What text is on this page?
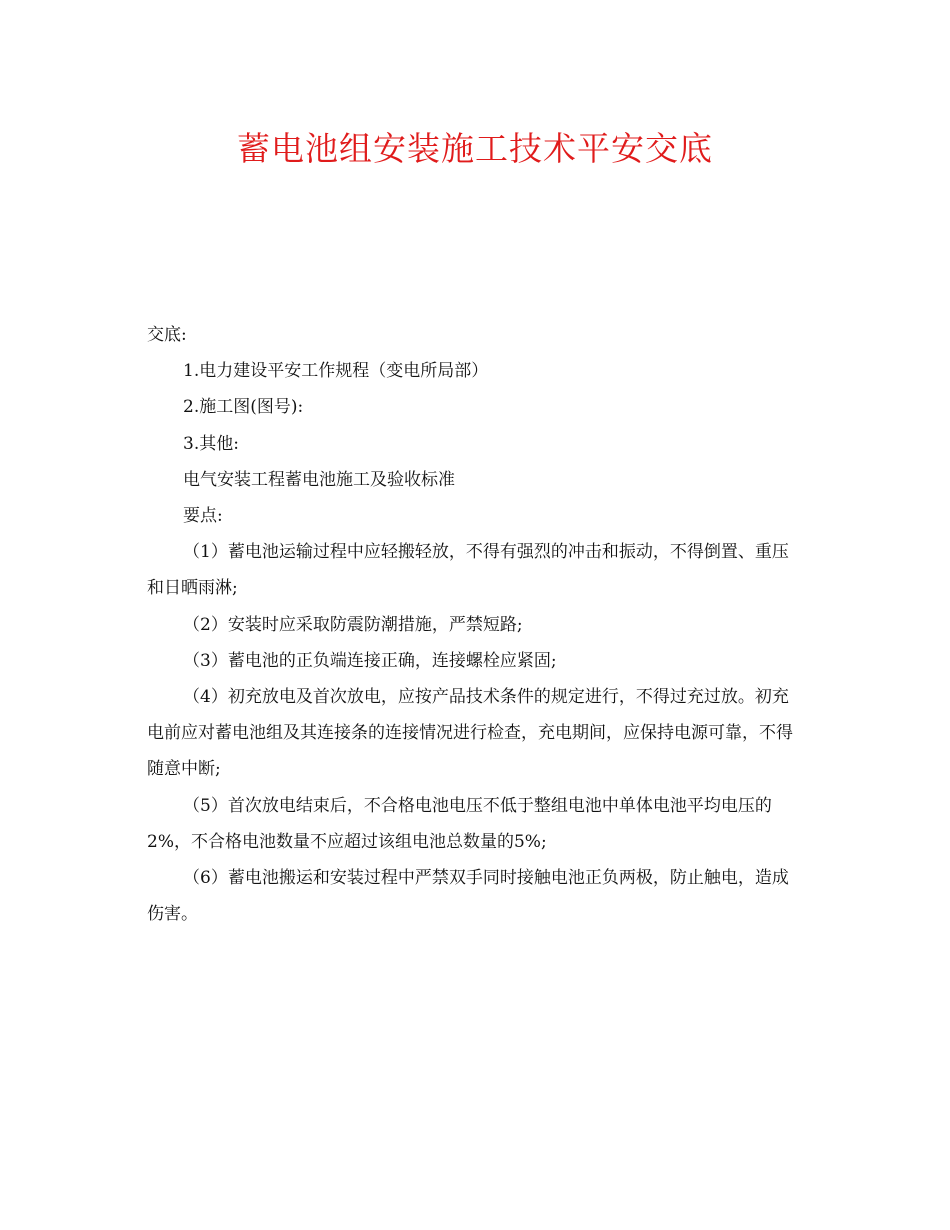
蓄电池组安装施工技术平安交底

交底:

1.电力建设平安工作规程（变电所局部）

2.施工图(图号):

3.其他:

电气安装工程蓄电池施工及验收标准

要点:

（1）蓄电池运输过程中应轻搬轻放，不得有强烈的冲击和振动，不得倒置、重压和日晒雨淋;

（2）安装时应采取防震防潮措施，严禁短路;

（3）蓄电池的正负端连接正确，连接螺栓应紧固;

（4）初充放电及首次放电，应按产品技术条件的规定进行，不得过充过放。初充电前应对蓄电池组及其连接条的连接情况进行检查，充电期间，应保持电源可靠，不得随意中断;

（5）首次放电结束后，不合格电池电压不低于整组电池中单体电池平均电压的2%，不合格电池数量不应超过该组电池总数量的5%;

（6）蓄电池搬运和安装过程中严禁双手同时接触电池正负两极，防止触电，造成伤害。
